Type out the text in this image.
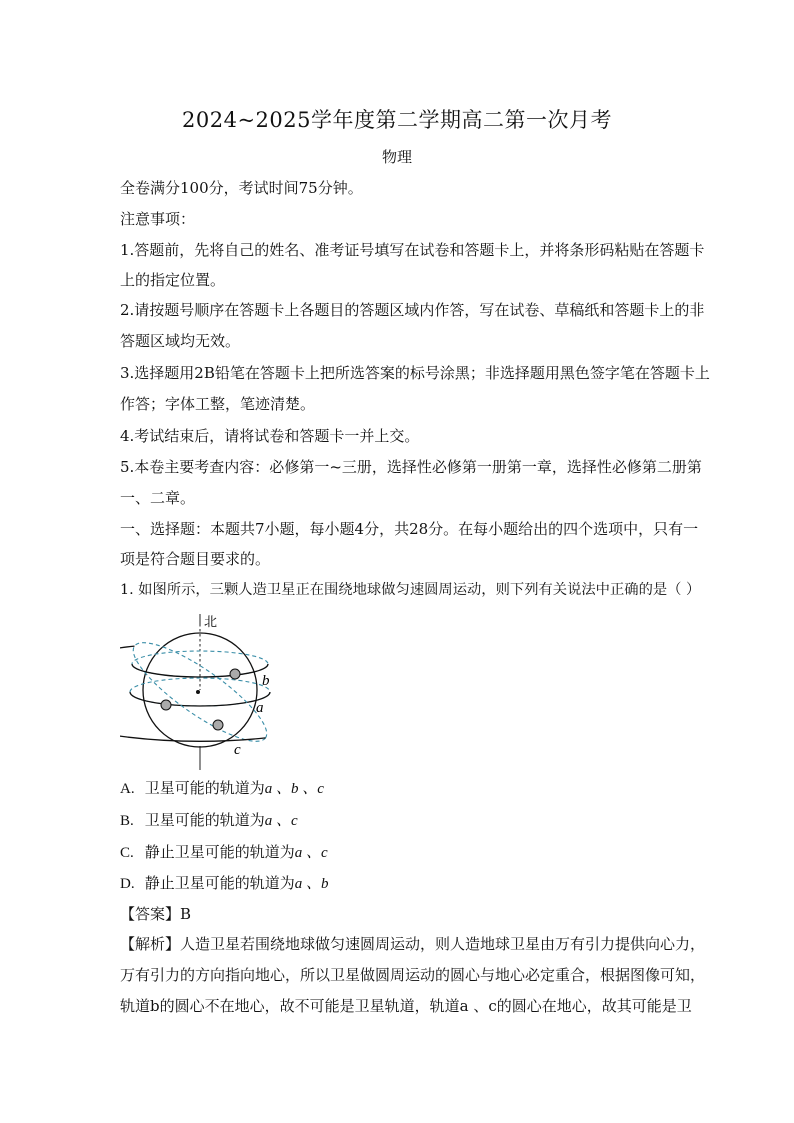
2024~2025学年度第二学期高二第一次月考
物理
全卷满分100分，考试时间75分钟。
注意事项：
1.答题前，先将自己的姓名、准考证号填写在试卷和答题卡上，并将条形码粘贴在答题卡
上的指定位置。
2.请按题号顺序在答题卡上各题目的答题区域内作答，写在试卷、草稿纸和答题卡上的非
答题区域均无效。
3.选择题用2B铅笔在答题卡上把所选答案的标号涂黑；非选择题用黑色签字笔在答题卡上
作答；字体工整，笔迹清楚。
4.考试结束后，请将试卷和答题卡一并上交。
5.本卷主要考查内容：必修第一~三册，选择性必修第一册第一章，选择性必修第二册第
一、二章。
一、选择题：本题共7小题，每小题4分，共28分。在每小题给出的四个选项中，只有一
项是符合题目要求的。
1. 如图所示，三颗人造卫星正在围绕地球做匀速圆周运动，则下列有关说法中正确的是（ ）
北
b
a
c
A. 卫星可能的轨道为a 、b 、c
B. 卫星可能的轨道为a 、c
C. 静止卫星可能的轨道为a 、c
D. 静止卫星可能的轨道为a 、b
【答案】B
【解析】人造卫星若围绕地球做匀速圆周运动，则人造地球卫星由万有引力提供向心力，
万有引力的方向指向地心，所以卫星做圆周运动的圆心与地心必定重合，根据图像可知，
轨道b的圆心不在地心，故不可能是卫星轨道，轨道a 、c的圆心在地心，故其可能是卫
